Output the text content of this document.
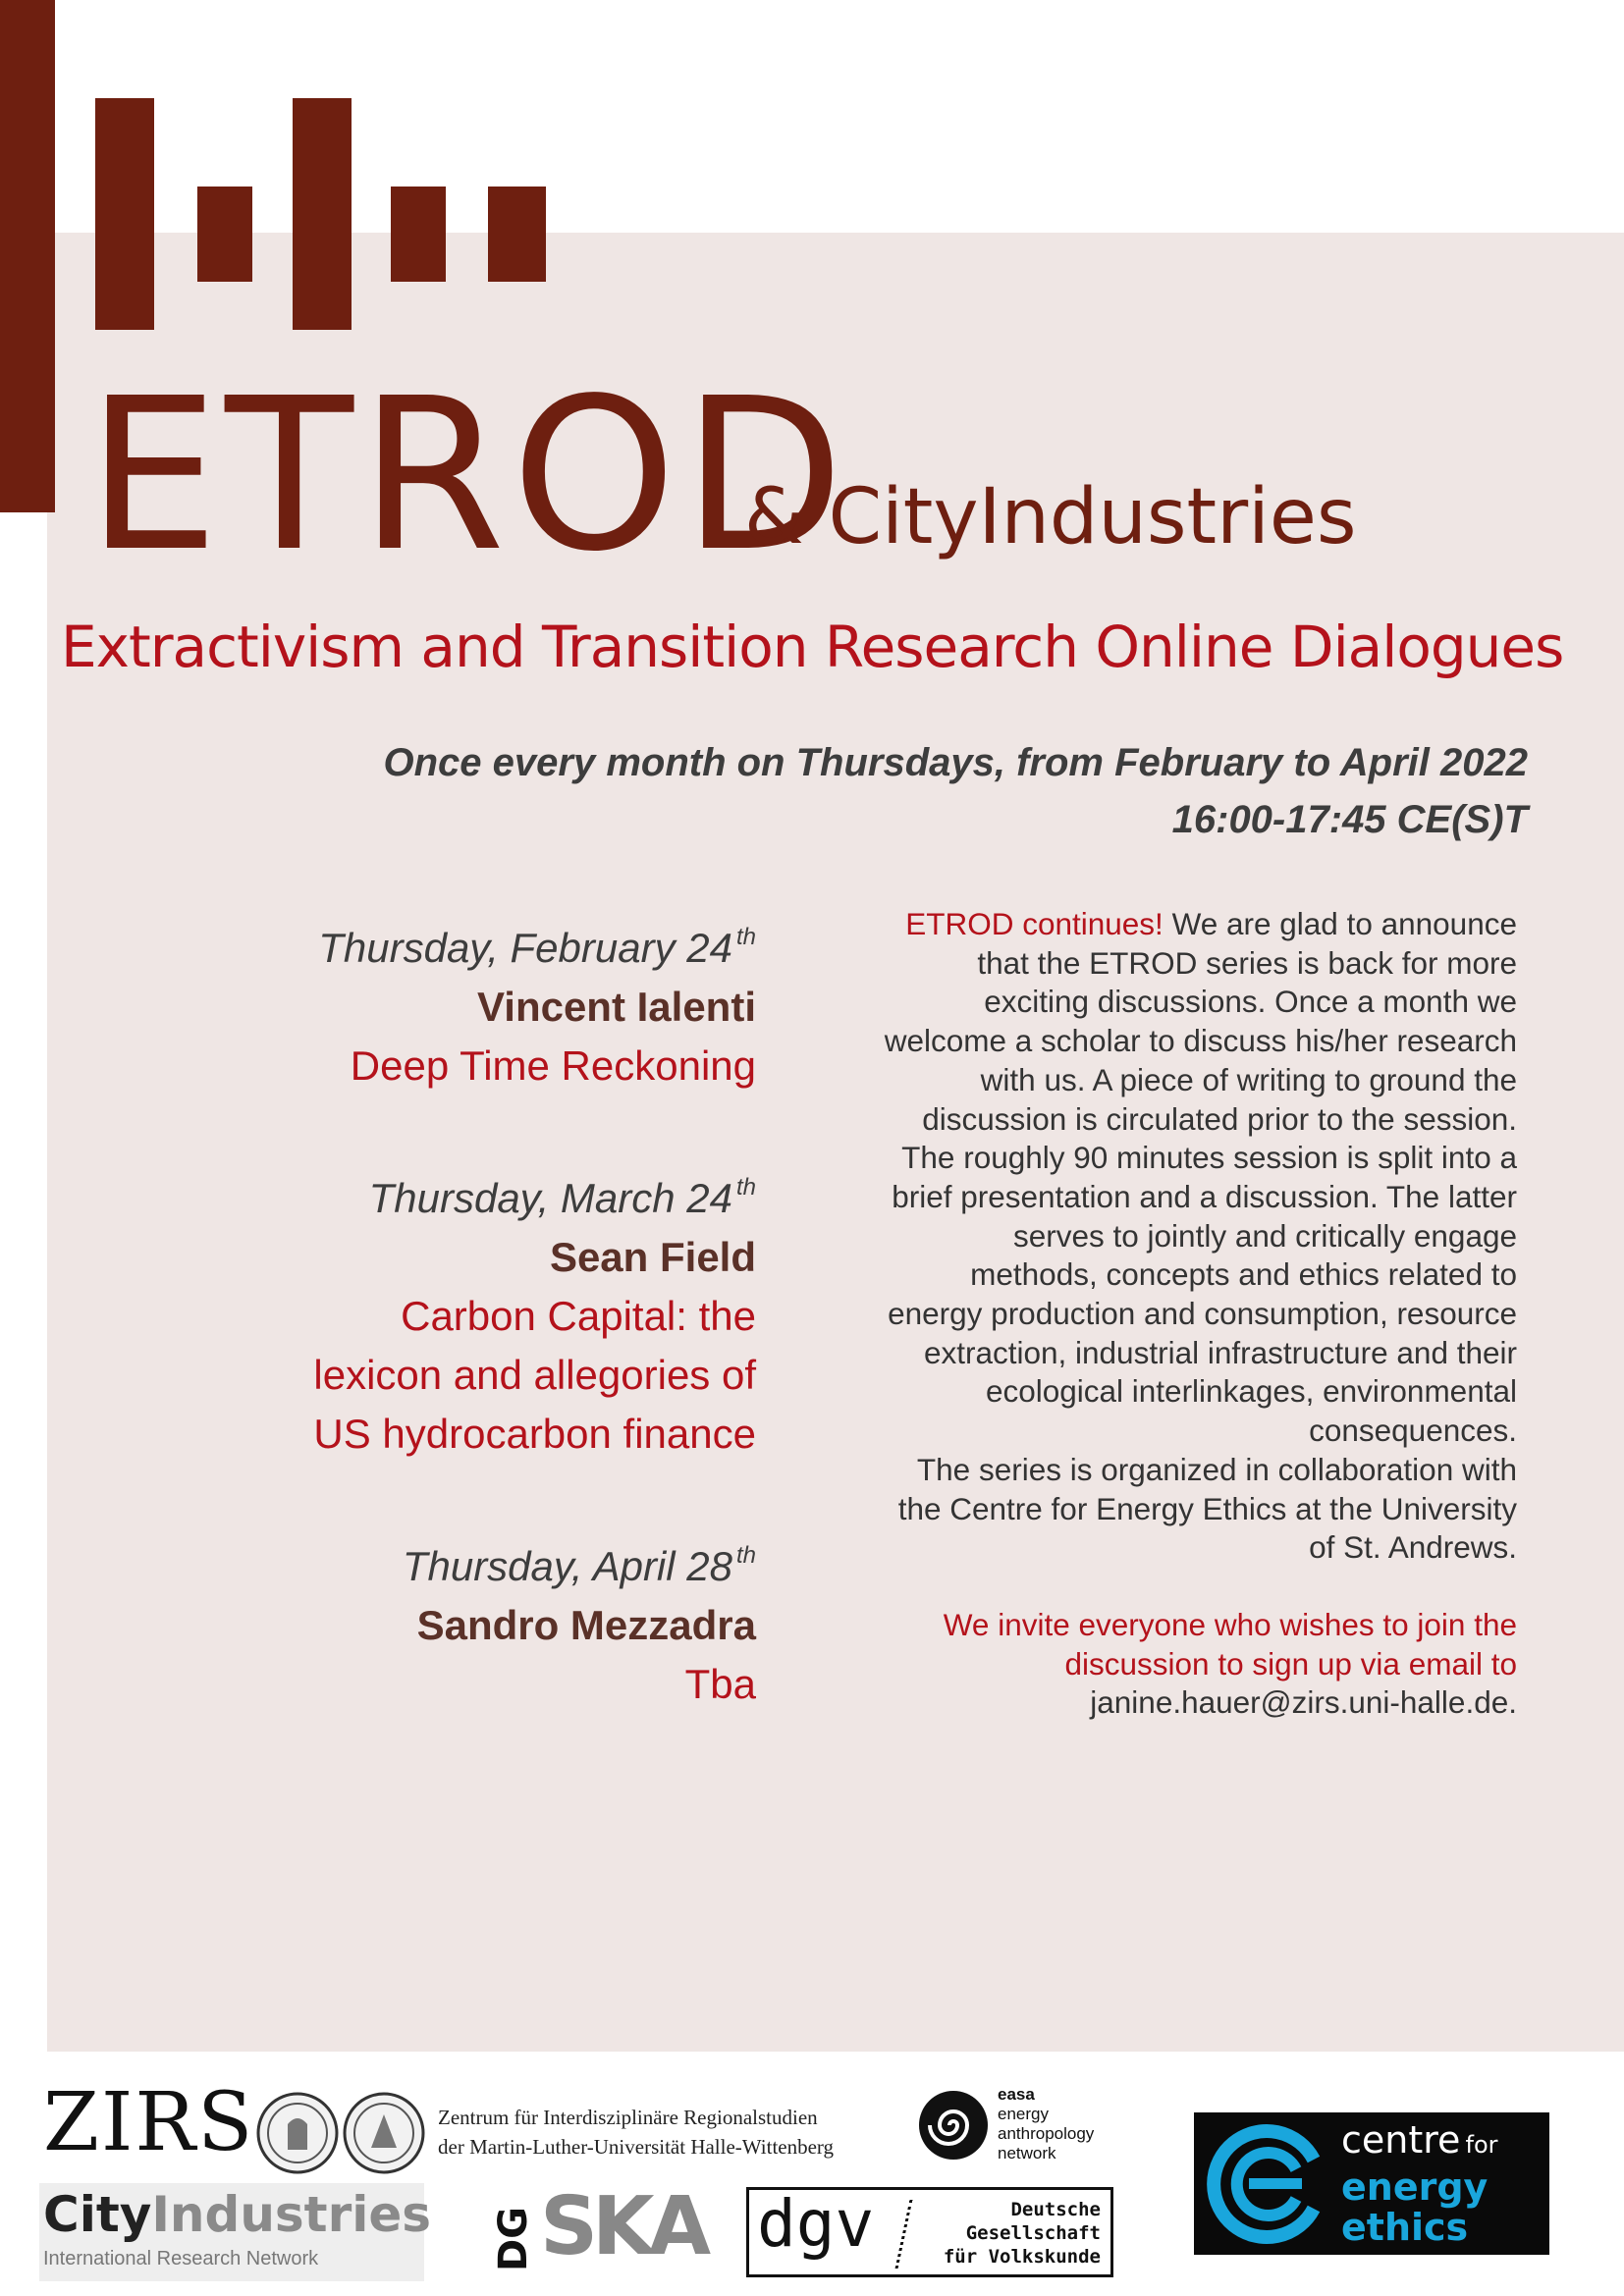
ETROD
& CityIndustries
Extractivism and Transition Research Online Dialogues
Once every month on Thursdays, from February to April 2022
16:00-17:45 CE(S)T
Thursday, February 24 $^{th}$
Vincent Ialenti
Deep Time Reckoning
Thursday, March 24 $^{th}$
Sean Field
Carbon Capital: the
lexicon and allegories of
US hydrocarbon finance
Thursday, April 28 $^{th}$
Sandro Mezzadra
Tba

ETROD continues! We are glad to announce
that the ETROD series is back for more
exciting discussions. Once a month we
welcome a scholar to discuss his/her research
with us. A piece of writing to ground the
discussion is circulated prior to the session.
The roughly 90 minutes session is split into a
brief presentation and a discussion. The latter
serves to jointly and critically engage
methods, concepts and ethics related to
energy production and consumption, resource
extraction, industrial infrastructure and their
ecological interlinkages, environmental
consequences.

The series is organized in collaboration with
the Centre for Energy Ethics at the University
of St. Andrews.

We invite everyone who wishes to join the
discussion to sign up via email to
janine.hauer@zirs.uni-halle.de.

ZIRS	Zentrum für Interdisziplinäre Regionalstudien
der Martin-Luther-Universität Halle-Wittenberg
easa
energy
anthropology
network	centre for
energy
ethics
CityIndustries
International Research Network	DG SKA dgv	Deutsche
Gesellschaft
für Volkskunde
